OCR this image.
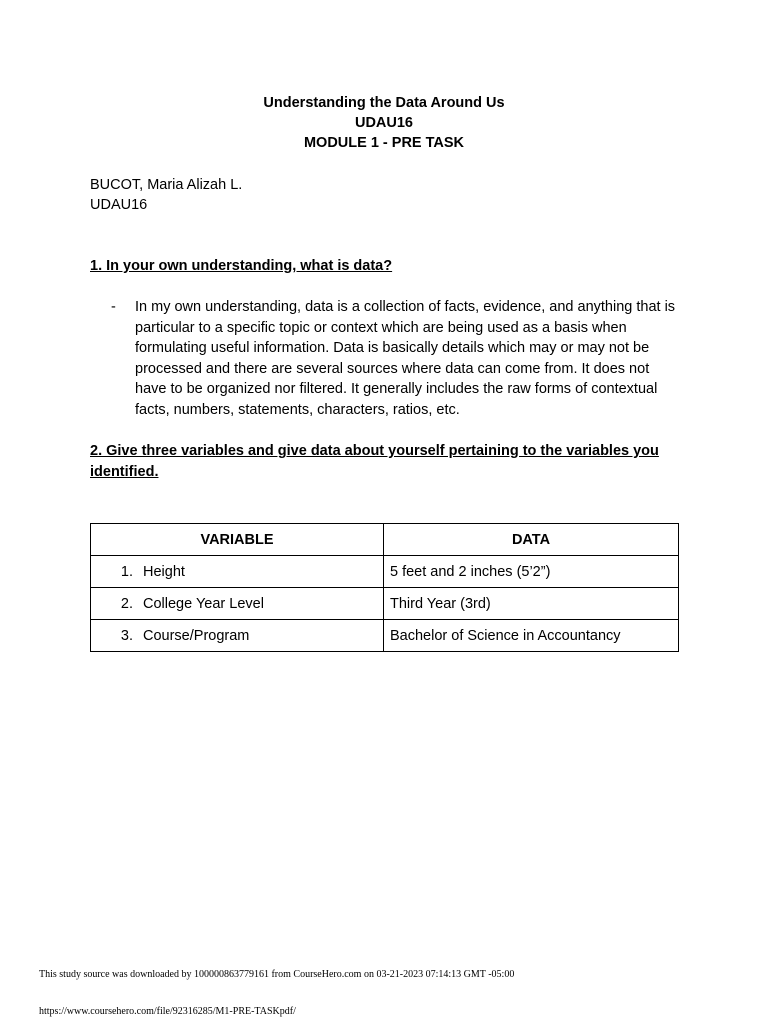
Understanding the Data Around Us
UDAU16
MODULE 1 - PRE TASK
BUCOT, Maria Alizah L.
UDAU16
1. In your own understanding, what is data?
- In my own understanding, data is a collection of facts, evidence, and anything that is particular to a specific topic or context which are being used as a basis when formulating useful information. Data is basically details which may or may not be processed and there are several sources where data can come from. It does not have to be organized nor filtered. It generally includes the raw forms of contextual facts, numbers, statements, characters, ratios, etc.
2. Give three variables and give data about yourself pertaining to the variables you identified.
VARIABLE	DATA
1. Height	5 feet and 2 inches (5’2”)
2. College Year Level	Third Year (3rd)
3. Course/Program	Bachelor of Science in Accountancy
This study source was downloaded by 100000863779161 from CourseHero.com on 03-21-2023 07:14:13 GMT -05:00
https://www.coursehero.com/file/92316285/M1-PRE-TASKpdf/
